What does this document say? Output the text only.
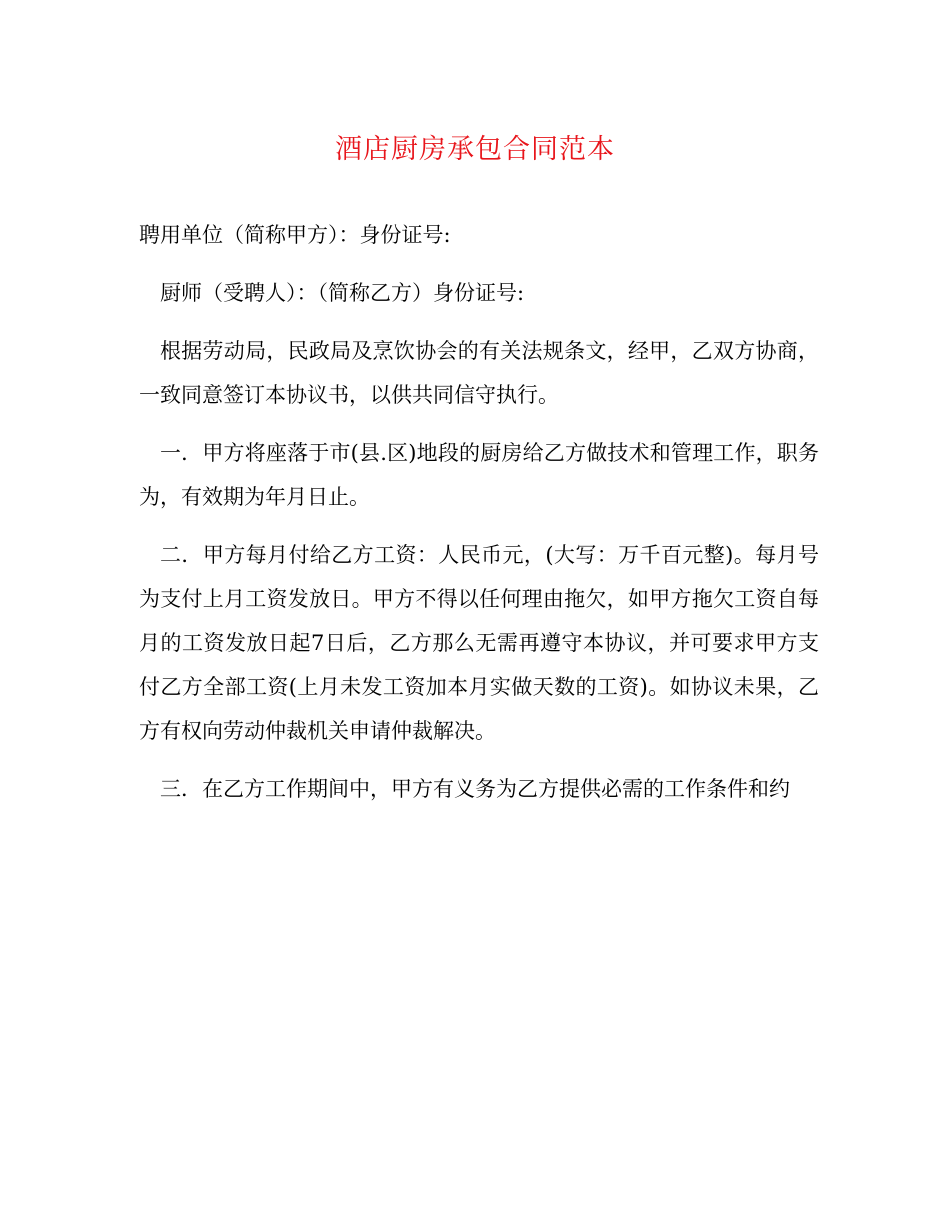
酒店厨房承包合同范本

聘用单位（简称甲方）：身份证号:

厨师（受聘人）：（简称乙方）身份证号:

根据劳动局，民政局及烹饮协会的有关法规条文，经甲，乙双方协商，一致同意签订本协议书，以供共同信守执行。

一．甲方将座落于市(县.区)地段的厨房给乙方做技术和管理工作，职务为，有效期为年月日止。

二．甲方每月付给乙方工资：人民币元，(大写：万千百元整)。每月号为支付上月工资发放日。甲方不得以任何理由拖欠，如甲方拖欠工资自每月的工资发放日起7日后，乙方那么无需再遵守本协议，并可要求甲方支付乙方全部工资(上月未发工资加本月实做天数的工资)。如协议未果，乙方有权向劳动仲裁机关申请仲裁解决。

三．在乙方工作期间中，甲方有义务为乙方提供必需的工作条件和约
